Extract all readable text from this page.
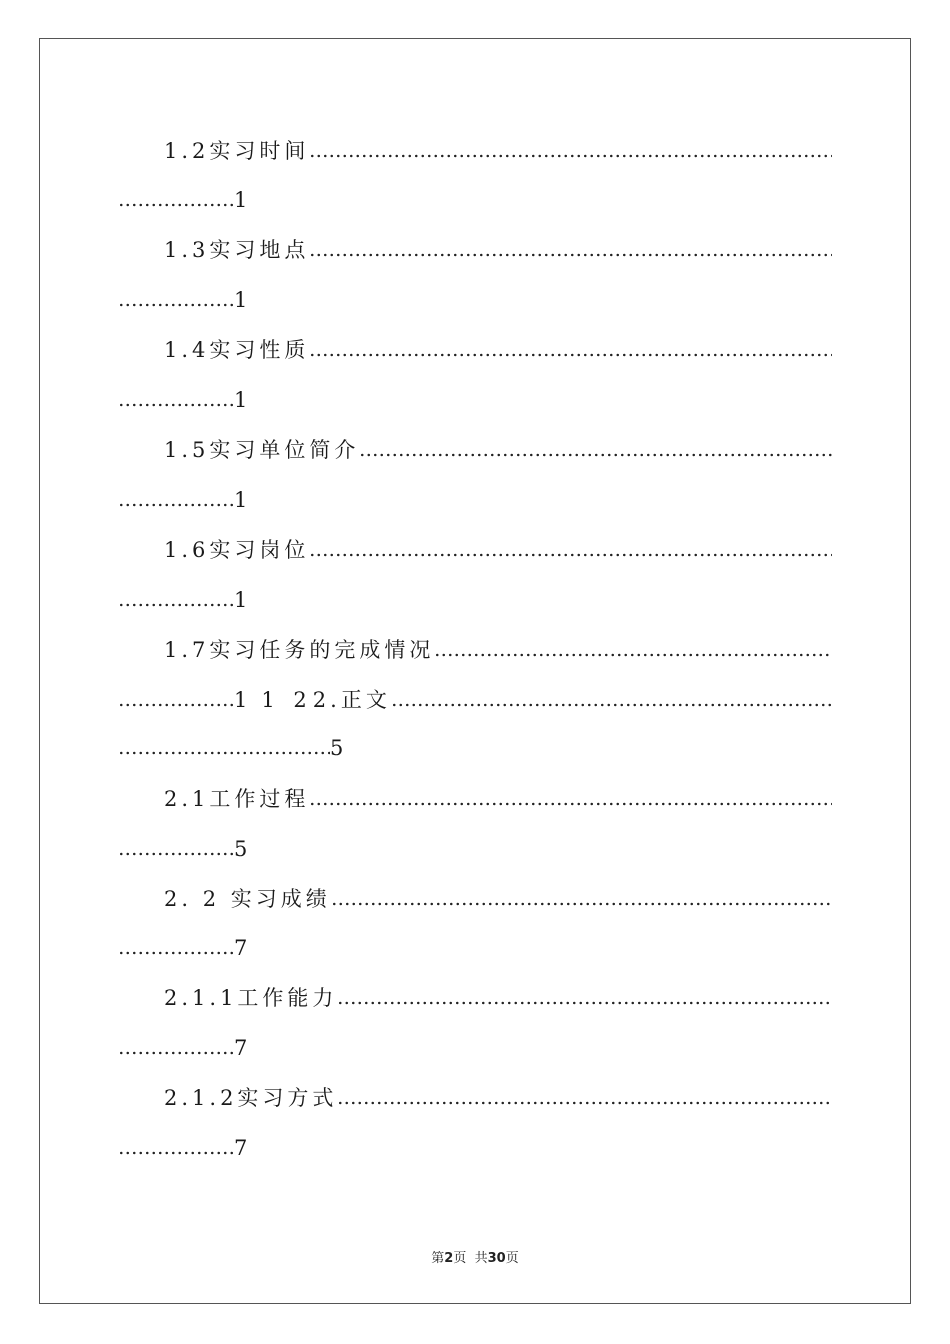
1.2实习时间
1
1.3实习地点
1
1.4实习性质
1
1.5实习单位简介
1
1.6实习岗位
1
1.7实习任务的完成情况
1 1 22.正文
5
2.1工作过程
5
2. 2 实习成绩
7
2.1.1工作能力
7
2.1.2实习方式
7
第2页  共30页
